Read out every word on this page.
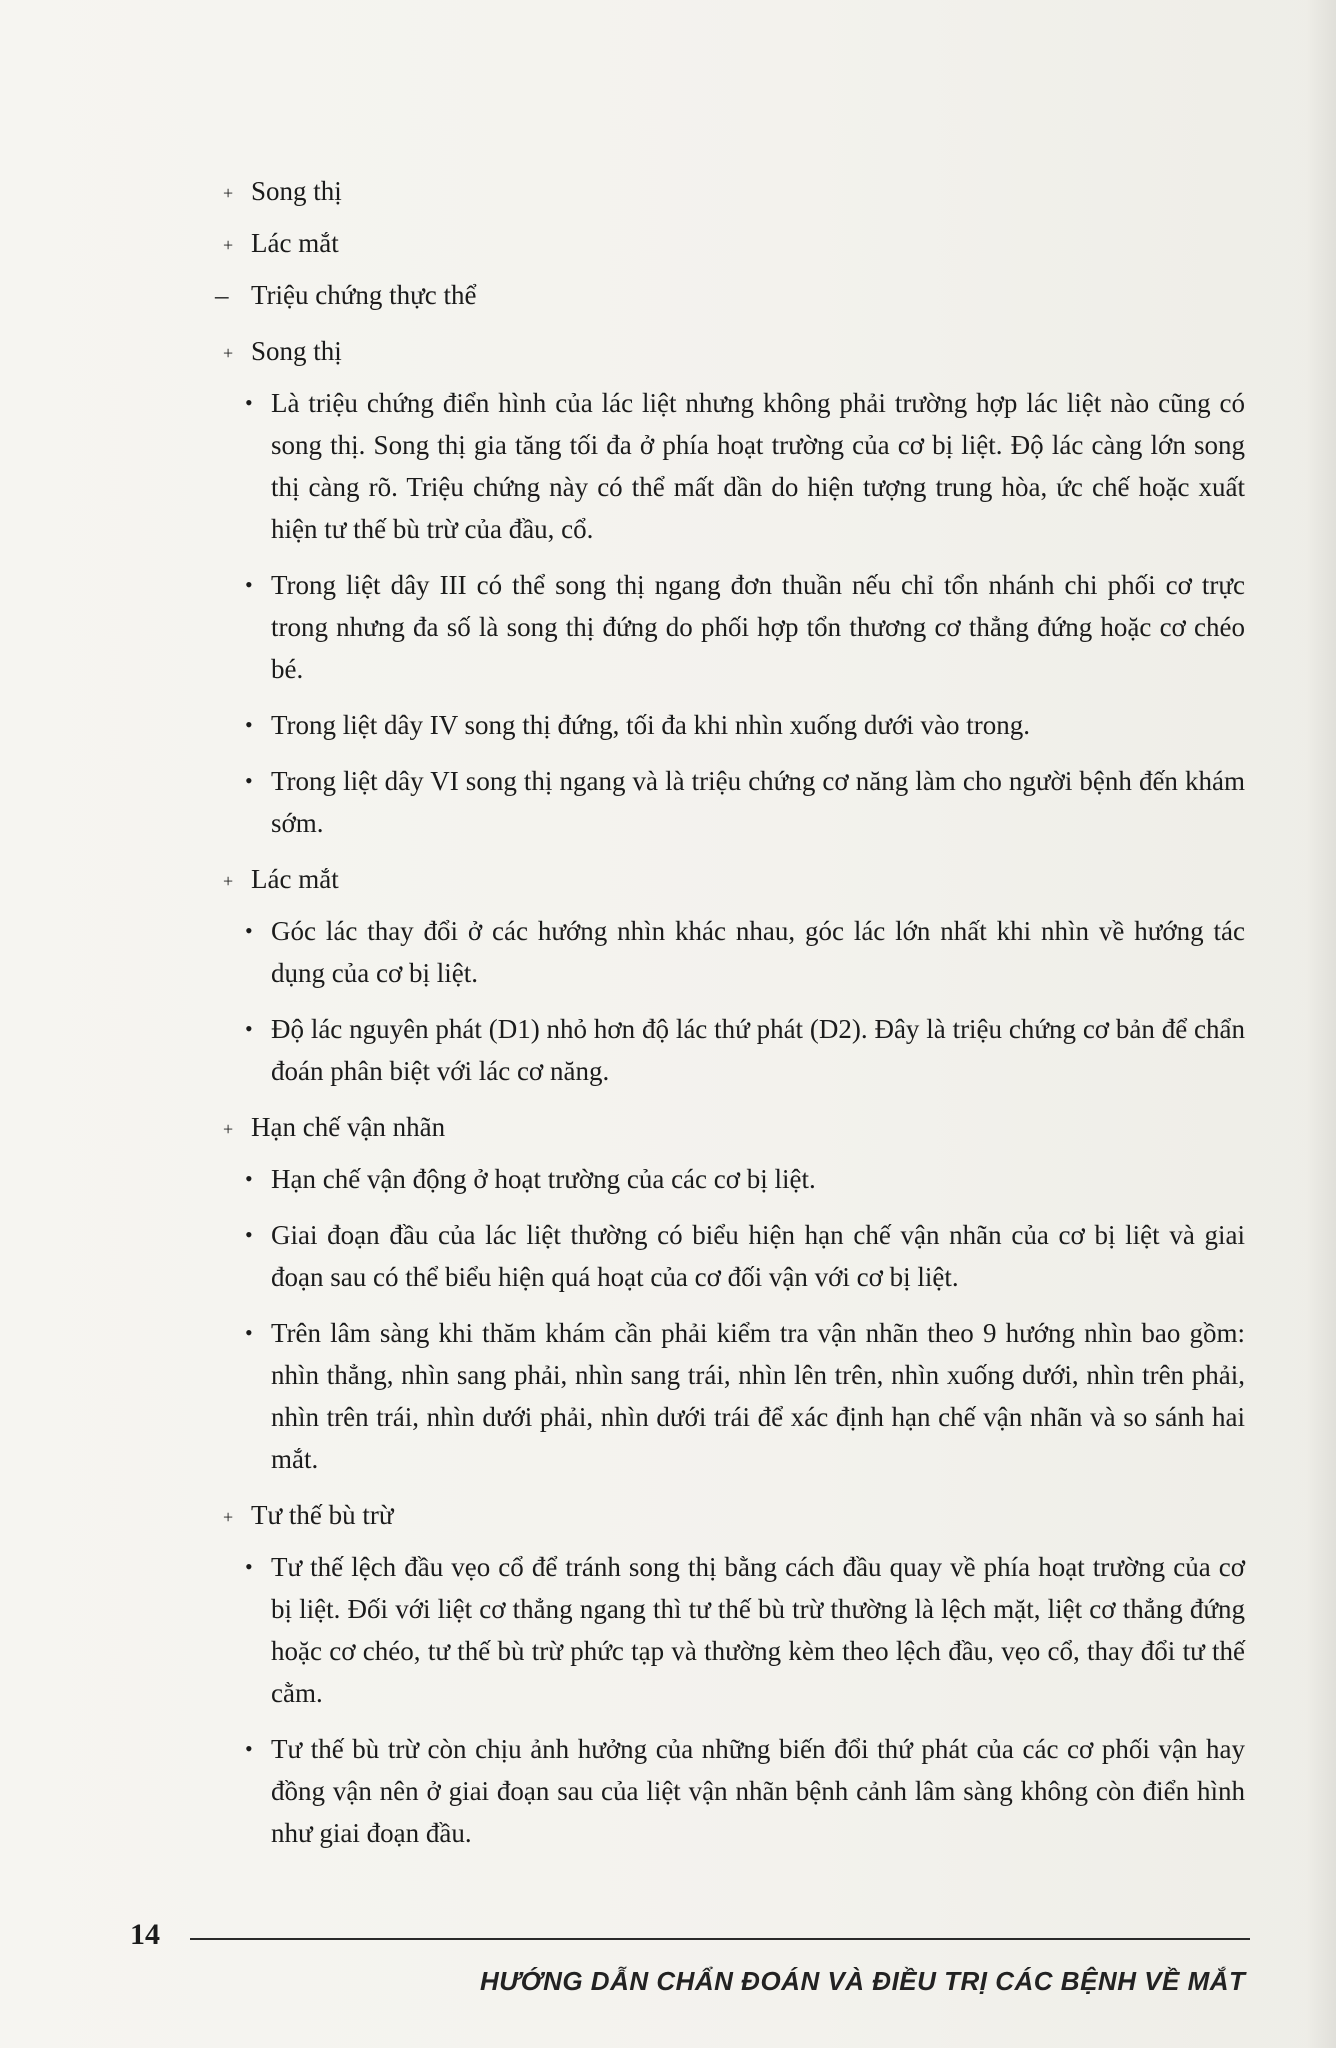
+ Song thị
+ Lác mắt
– Triệu chứng thực thể
+ Song thị
• Là triệu chứng điển hình của lác liệt nhưng không phải trường hợp lác liệt nào cũng có song thị. Song thị gia tăng tối đa ở phía hoạt trường của cơ bị liệt. Độ lác càng lớn song thị càng rõ. Triệu chứng này có thể mất dần do hiện tượng trung hòa, ức chế hoặc xuất hiện tư thế bù trừ của đầu, cổ.
• Trong liệt dây III có thể song thị ngang đơn thuần nếu chỉ tổn nhánh chi phối cơ trực trong nhưng đa số là song thị đứng do phối hợp tổn thương cơ thẳng đứng hoặc cơ chéo bé.
• Trong liệt dây IV song thị đứng, tối đa khi nhìn xuống dưới vào trong.
• Trong liệt dây VI song thị ngang và là triệu chứng cơ năng làm cho người bệnh đến khám sớm.
+ Lác mắt
• Góc lác thay đổi ở các hướng nhìn khác nhau, góc lác lớn nhất khi nhìn về hướng tác dụng của cơ bị liệt.
• Độ lác nguyên phát (D1) nhỏ hơn độ lác thứ phát (D2). Đây là triệu chứng cơ bản để chẩn đoán phân biệt với lác cơ năng.
+ Hạn chế vận nhãn
• Hạn chế vận động ở hoạt trường của các cơ bị liệt.
• Giai đoạn đầu của lác liệt thường có biểu hiện hạn chế vận nhãn của cơ bị liệt và giai đoạn sau có thể biểu hiện quá hoạt của cơ đối vận với cơ bị liệt.
• Trên lâm sàng khi thăm khám cần phải kiểm tra vận nhãn theo 9 hướng nhìn bao gồm: nhìn thẳng, nhìn sang phải, nhìn sang trái, nhìn lên trên, nhìn xuống dưới, nhìn trên phải, nhìn trên trái, nhìn dưới phải, nhìn dưới trái để xác định hạn chế vận nhãn và so sánh hai mắt.
+ Tư thế bù trừ
• Tư thế lệch đầu vẹo cổ để tránh song thị bằng cách đầu quay về phía hoạt trường của cơ bị liệt. Đối với liệt cơ thẳng ngang thì tư thế bù trừ thường là lệch mặt, liệt cơ thẳng đứng hoặc cơ chéo, tư thế bù trừ phức tạp và thường kèm theo lệch đầu, vẹo cổ, thay đổi tư thế cằm.
• Tư thế bù trừ còn chịu ảnh hưởng của những biến đổi thứ phát của các cơ phối vận hay đồng vận nên ở giai đoạn sau của liệt vận nhãn bệnh cảnh lâm sàng không còn điển hình như giai đoạn đầu.
14
HƯỚNG DẪN CHẨN ĐOÁN VÀ ĐIỀU TRỊ CÁC BỆNH VỀ MẮT
